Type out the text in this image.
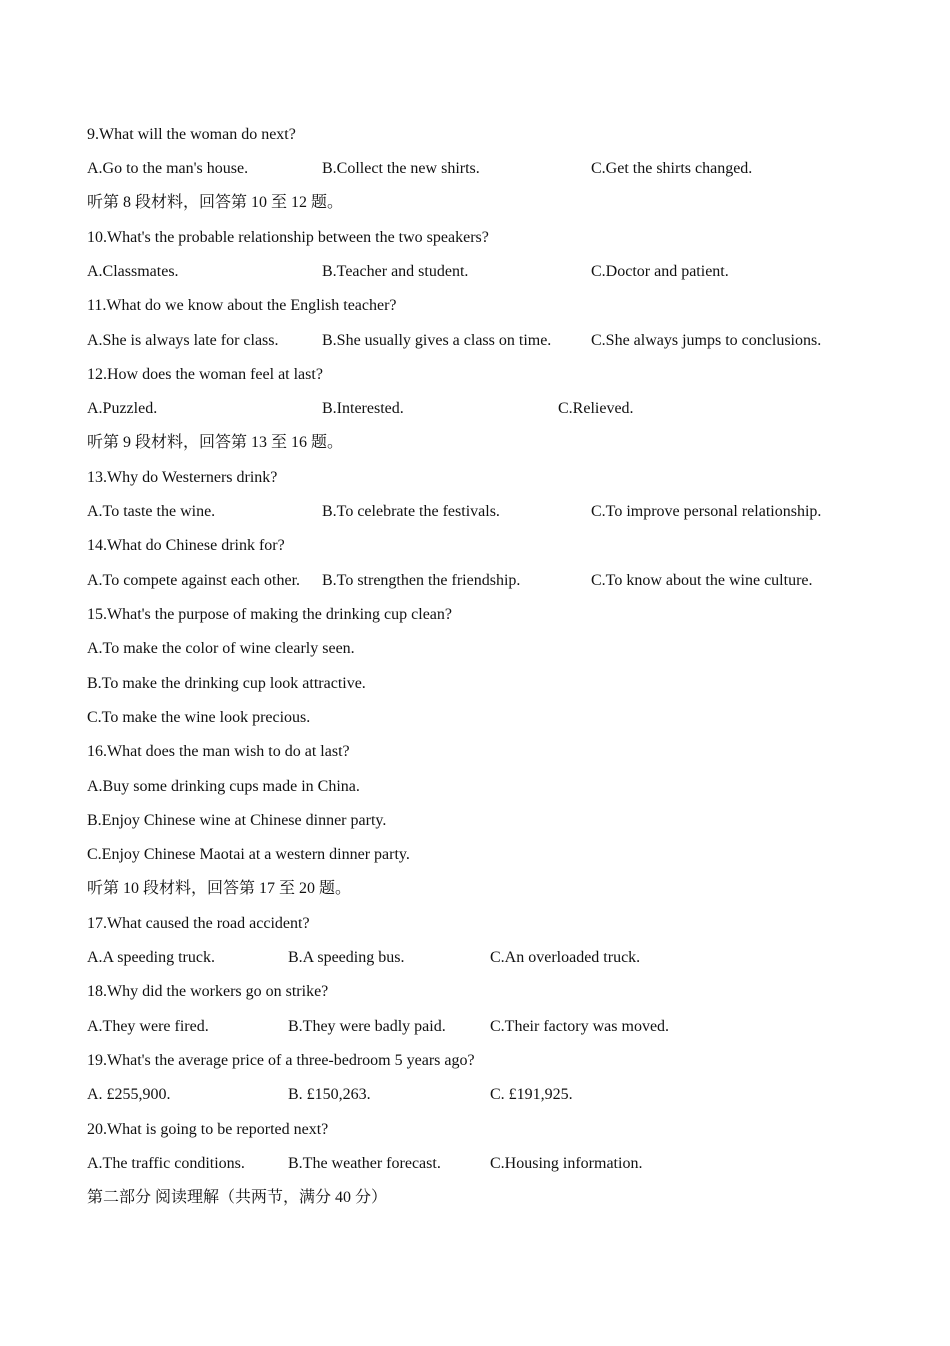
9.What will the woman do next?
A.Go to the man's house.	B.Collect the new shirts.	C.Get the shirts changed.
听第 8 段材料，回答第 10 至 12 题。
10.What's the probable relationship between the two speakers?
A.Classmates.	B.Teacher and student.	C.Doctor and patient.
11.What do we know about the English teacher?
A.She is always late for class.	B.She usually gives a class on time. C.She always jumps to conclusions.
12.How does the woman feel at last?
A.Puzzled.	B.Interested.	C.Relieved.
听第 9 段材料，回答第 13 至 16 题。
13.Why do Westerners drink?
A.To taste the wine.	B.To celebrate the festivals.	C.To improve personal relationship.
14.What do Chinese drink for?
A.To compete against each other. B.To strengthen the friendship.	C.To know about the wine culture.
15.What's the purpose of making the drinking cup clean?
A.To make the color of wine clearly seen.
B.To make the drinking cup look attractive.
C.To make the wine look precious.
16.What does the man wish to do at last?
A.Buy some drinking cups made in China.
B.Enjoy Chinese wine at Chinese dinner party.
C.Enjoy Chinese Maotai at a western dinner party.
听第 10 段材料，回答第 17 至 20 题。
17.What caused the road accident?
A.A speeding truck.	B.A speeding bus.	C.An overloaded truck.
18.Why did the workers go on strike?
A.They were fired.	B.They were badly paid.	C.Their factory was moved.
19.What's the average price of a three-bedroom 5 years ago?
A. £255,900.	B. £150,263.	C. £191,925.
20.What is going to be reported next?
A.The traffic conditions.	B.The weather forecast.	C.Housing information.
第二部分 阅读理解（共两节，满分 40 分）
